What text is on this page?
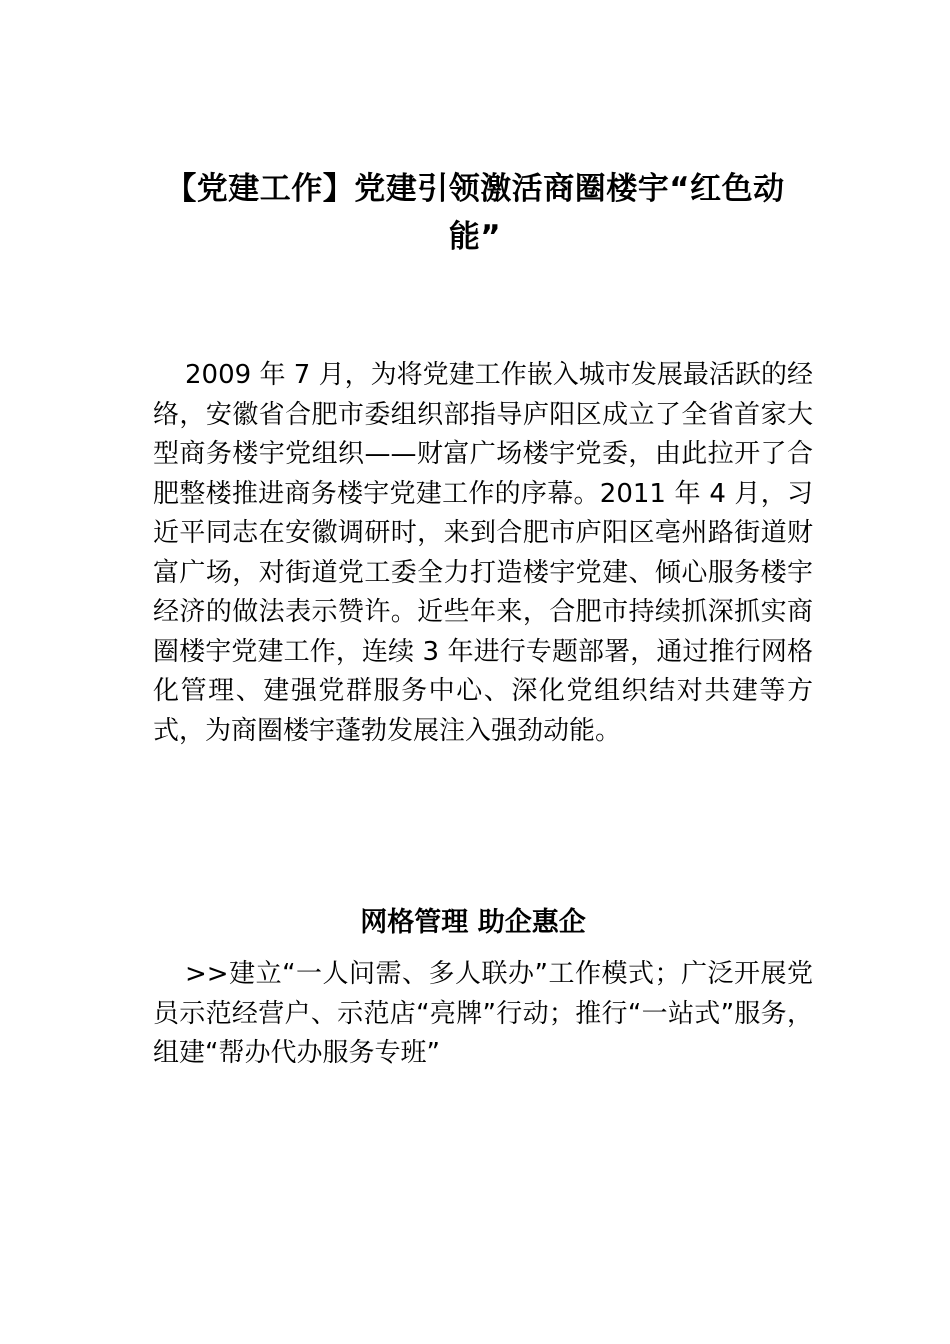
【党建工作】党建引领激活商圈楼宇“红色动能”

2009 年 7 月，为将党建工作嵌入城市发展最活跃的经络，安徽省合肥市委组织部指导庐阳区成立了全省首家大型商务楼宇党组织——财富广场楼宇党委，由此拉开了合肥整楼推进商务楼宇党建工作的序幕。2011 年 4 月，习近平同志在安徽调研时，来到合肥市庐阳区亳州路街道财富广场，对街道党工委全力打造楼宇党建、倾心服务楼宇经济的做法表示赞许。近些年来，合肥市持续抓深抓实商圈楼宇党建工作，连续 3 年进行专题部署，通过推行网格化管理、建强党群服务中心、深化党组织结对共建等方式，为商圈楼宇蓬勃发展注入强劲动能。

网格管理 助企惠企

>>建立“一人问需、多人联办”工作模式；广泛开展党员示范经营户、示范店“亮牌”行动；推行“一站式”服务，组建“帮办代办服务专班”
